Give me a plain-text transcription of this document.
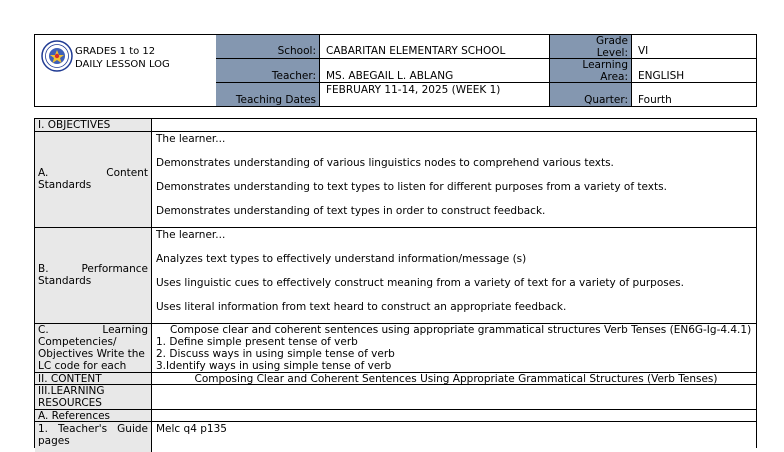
GRADES 1 to 12
DAILY LESSON LOG
School: CABARITAN ELEMENTARY SCHOOL
Grade
Level: VI
Teacher: MS. ABEGAIL L. ABLANG
Learning
Area: ENGLISH
Teaching Dates
FEBRUARY 11-14, 2025 (WEEK 1)
Quarter: Fourth
I. OBJECTIVES
A. Content
Standards

The learner...

Demonstrates understanding of various linguistics nodes to comprehend various texts.

Demonstrates understanding to text types to listen for different purposes from a variety of texts.

Demonstrates understanding of text types in order to construct feedback.

B. Performance
Standards

The learner...

Analyzes text types to effectively understand information/message (s)

Uses linguistic cues to effectively construct meaning from a variety of text for a variety of purposes.

Uses literal information from text heard to construct an appropriate feedback.

C. Learning
Competencies/
Objectives Write the
LC code for each

Compose clear and coherent sentences using appropriate grammatical structures Verb Tenses (EN6G-Ig-4.4.1)

1. Define simple present tense of verb

2. Discuss ways in using simple tense of verb

3.Identify ways in using simple tense of verb

II. CONTENT	Composing Clear and Coherent Sentences Using Appropriate Grammatical Structures (Verb Tenses)
III.LEARNING
RESOURCES
A. References
1. Teacher's Guide
pages
Melc q4 p135
